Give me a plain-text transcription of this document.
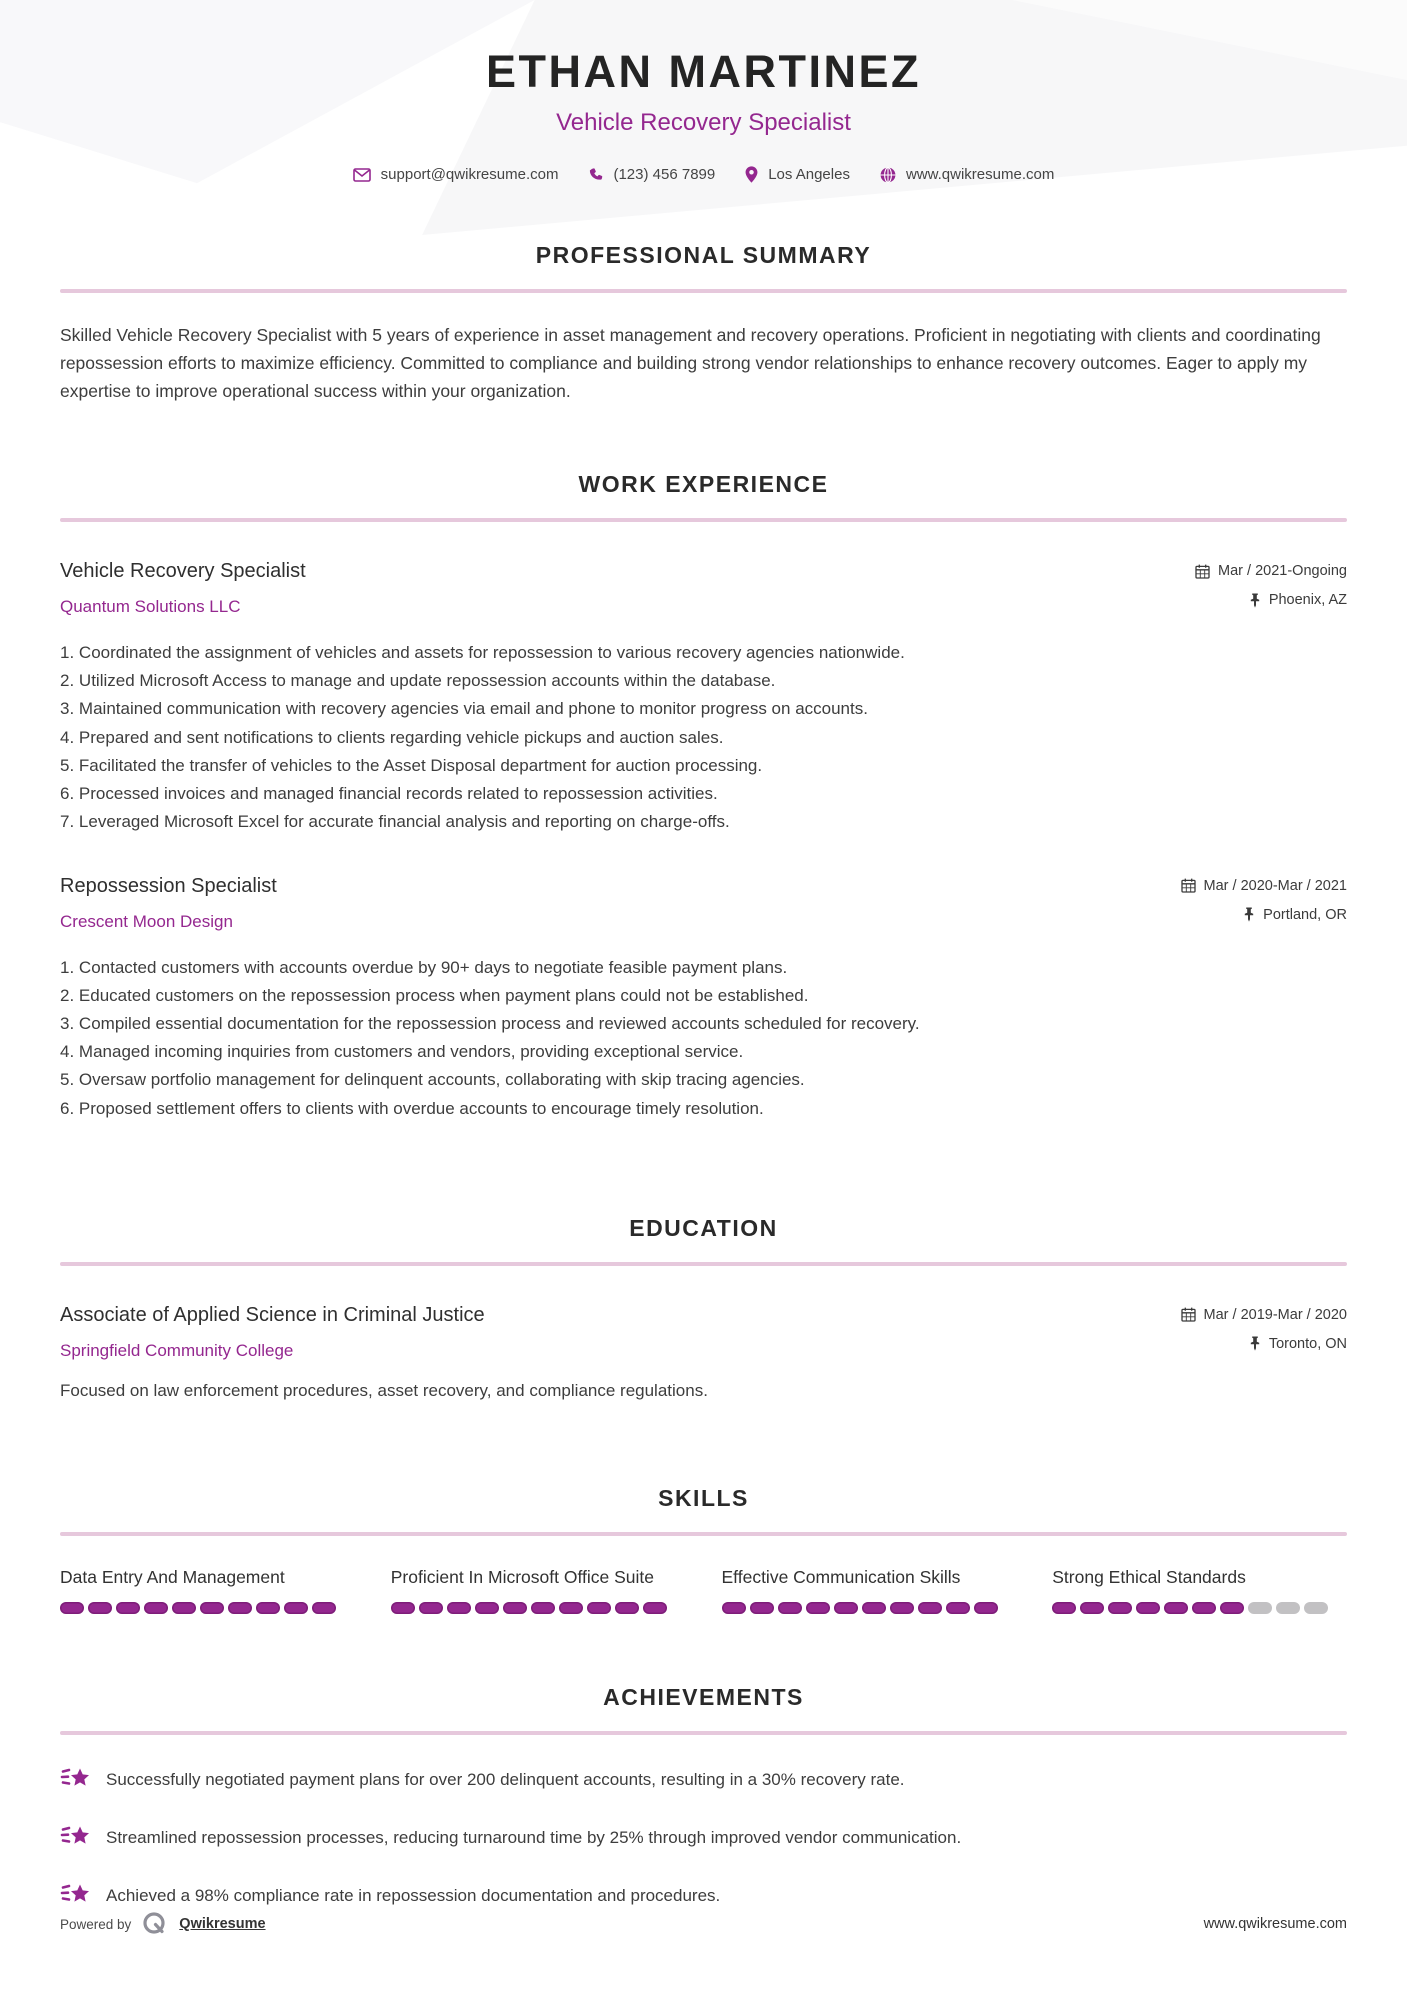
ETHAN MARTINEZ
Vehicle Recovery Specialist
support@qwikresume.com	(123) 456 7899	Los Angeles	www.qwikresume.com
PROFESSIONAL SUMMARY

Skilled Vehicle Recovery Specialist with 5 years of experience in asset management and recovery operations. Proficient in negotiating with clients and coordinating repossession efforts to maximize efficiency. Committed to compliance and building strong vendor relationships to enhance recovery outcomes. Eager to apply my expertise to improve operational success within your organization.

WORK EXPERIENCE
Vehicle Recovery Specialist
Quantum Solutions LLC
Mar / 2021-Ongoing
Phoenix, AZ
Coordinated the assignment of vehicles and assets for repossession to various recovery agencies nationwide.
Utilized Microsoft Access to manage and update repossession accounts within the database.
Maintained communication with recovery agencies via email and phone to monitor progress on accounts.
Prepared and sent notifications to clients regarding vehicle pickups and auction sales.
Facilitated the transfer of vehicles to the Asset Disposal department for auction processing.
Processed invoices and managed financial records related to repossession activities.
Leveraged Microsoft Excel for accurate financial analysis and reporting on charge-offs.
Repossession Specialist
Crescent Moon Design
Mar / 2020-Mar / 2021
Portland, OR
Contacted customers with accounts overdue by 90+ days to negotiate feasible payment plans.
Educated customers on the repossession process when payment plans could not be established.
Compiled essential documentation for the repossession process and reviewed accounts scheduled for recovery.
Managed incoming inquiries from customers and vendors, providing exceptional service.
Oversaw portfolio management for delinquent accounts, collaborating with skip tracing agencies.
Proposed settlement offers to clients with overdue accounts to encourage timely resolution.
EDUCATION
Associate of Applied Science in Criminal Justice
Springfield Community College
Mar / 2019-Mar / 2020
Toronto, ON

Focused on law enforcement procedures, asset recovery, and compliance regulations.

SKILLS
Data Entry And Management	Proficient In Microsoft Office Suite	Effective Communication Skills	Strong Ethical Standards
ACHIEVEMENTS
Successfully negotiated payment plans for over 200 delinquent accounts, resulting in a 30% recovery rate.
Streamlined repossession processes, reducing turnaround time by 25% through improved vendor communication.
Achieved a 98% compliance rate in repossession documentation and procedures.
Powered by	Qwikresume	www.qwikresume.com
